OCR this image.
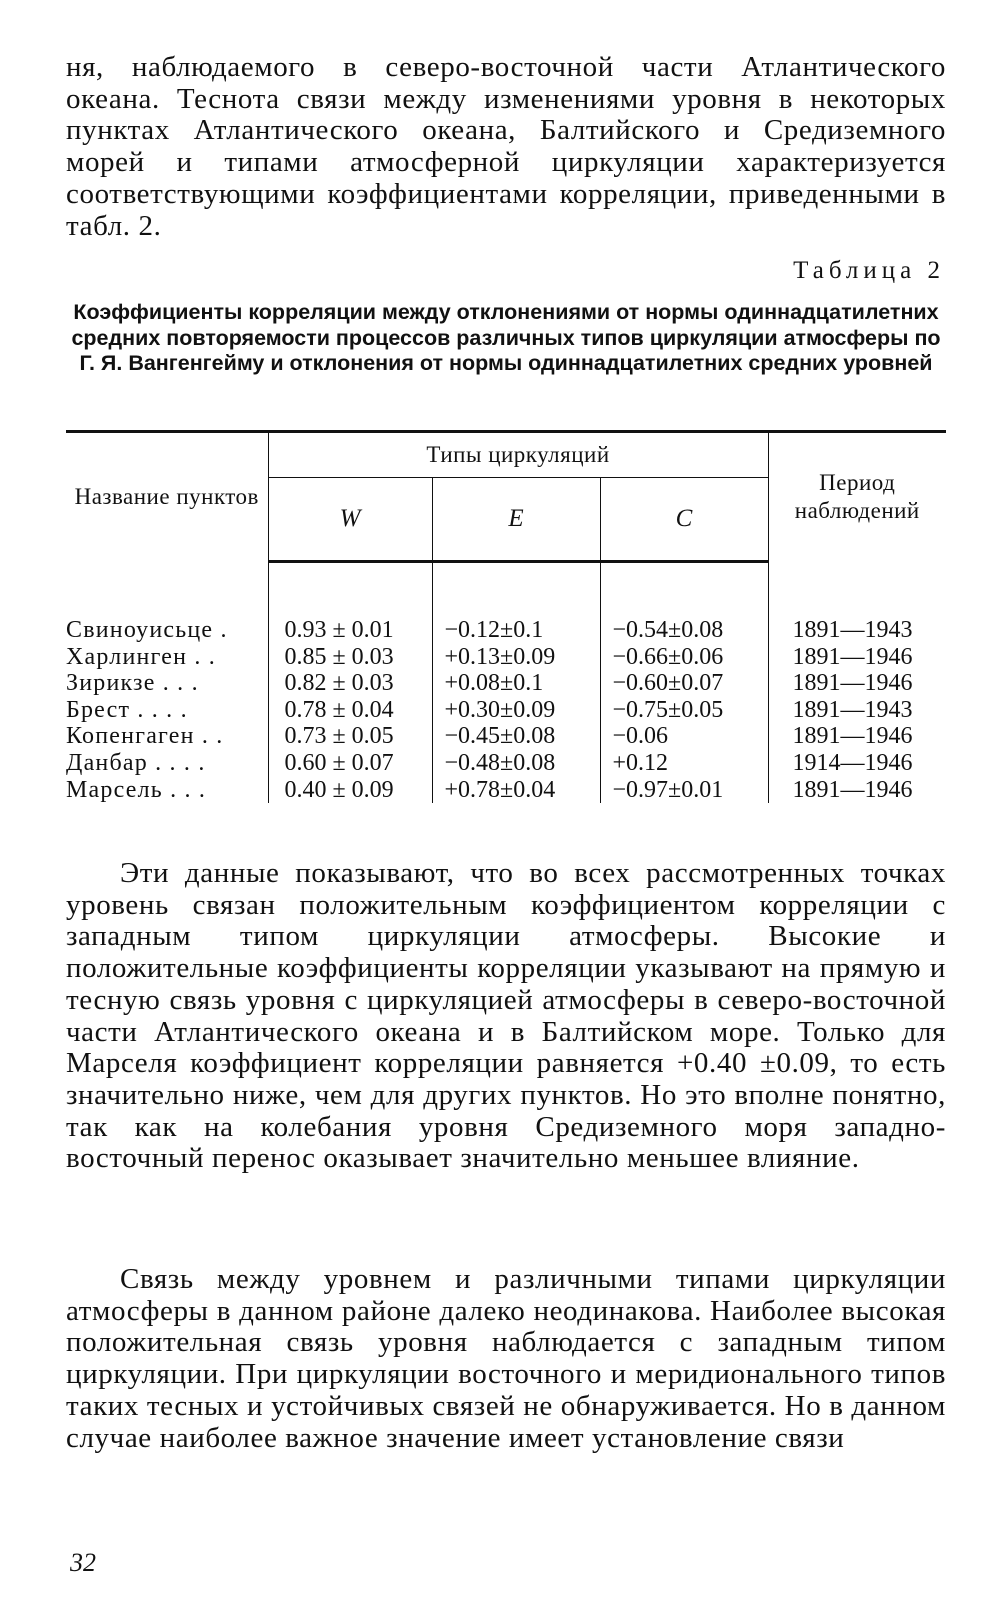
ня, наблюдаемого в северо-восточной части Атлантического океана. Теснота связи между изменениями уровня в некоторых пунктах Атлантического океана, Балтийского и Средиземного морей и типами атмосферной циркуляции характеризуется соответствующими коэффициентами корреляции, приведенными в табл. 2.

Таблица 2

Коэффициенты корреляции между отклонениями от нормы одиннадцатилетних средних повторяемости процессов различных типов циркуляции атмосферы по Г. Я. Вангенгейму и отклонения от нормы одиннадцатилетних средних уровней

Название пунктов	Типы циркуляций			Период наблюдений
	W	E	C	

Свиноуисьце .	0.93 ± 0.01	−0.12±0.1	−0.54±0.08	1891—1943
Харлинген . .	0.85 ± 0.03	+0.13±0.09	−0.66±0.06	1891—1946
Зирикзе . . .	0.82 ± 0.03	+0.08±0.1	−0.60±0.07	1891—1946
Брест . . . .	0.78 ± 0.04	+0.30±0.09	−0.75±0.05	1891—1943
Копенгаген . .	0.73 ± 0.05	−0.45±0.08	−0.06	1891—1946
Данбар . . . .	0.60 ± 0.07	−0.48±0.08	+0.12	1914—1946
Марсель . . .	0.40 ± 0.09	+0.78±0.04	−0.97±0.01	1891—1946

Эти данные показывают, что во всех рассмотренных точках уровень связан положительным коэффициентом корреляции с западным типом циркуляции атмосферы. Высокие и положительные коэффициенты корреляции указывают на прямую и тесную связь уровня с циркуляцией атмосферы в северо-восточной части Атлантического океана и в Балтийском море. Только для Марселя коэффициент корреляции равняется +0.40 ±0.09, то есть значительно ниже, чем для других пунктов. Но это вполне понятно, так как на колебания уровня Средиземного моря западно-восточный перенос оказывает значительно меньшее влияние.

Связь между уровнем и различными типами циркуляции атмосферы в данном районе далеко неодинакова. Наиболее высокая положительная связь уровня наблюдается с западным типом циркуляции. При циркуляции восточного и меридионального типов таких тесных и устойчивых связей не обнаруживается. Но в данном случае наиболее важное значение имеет установление связи

32
